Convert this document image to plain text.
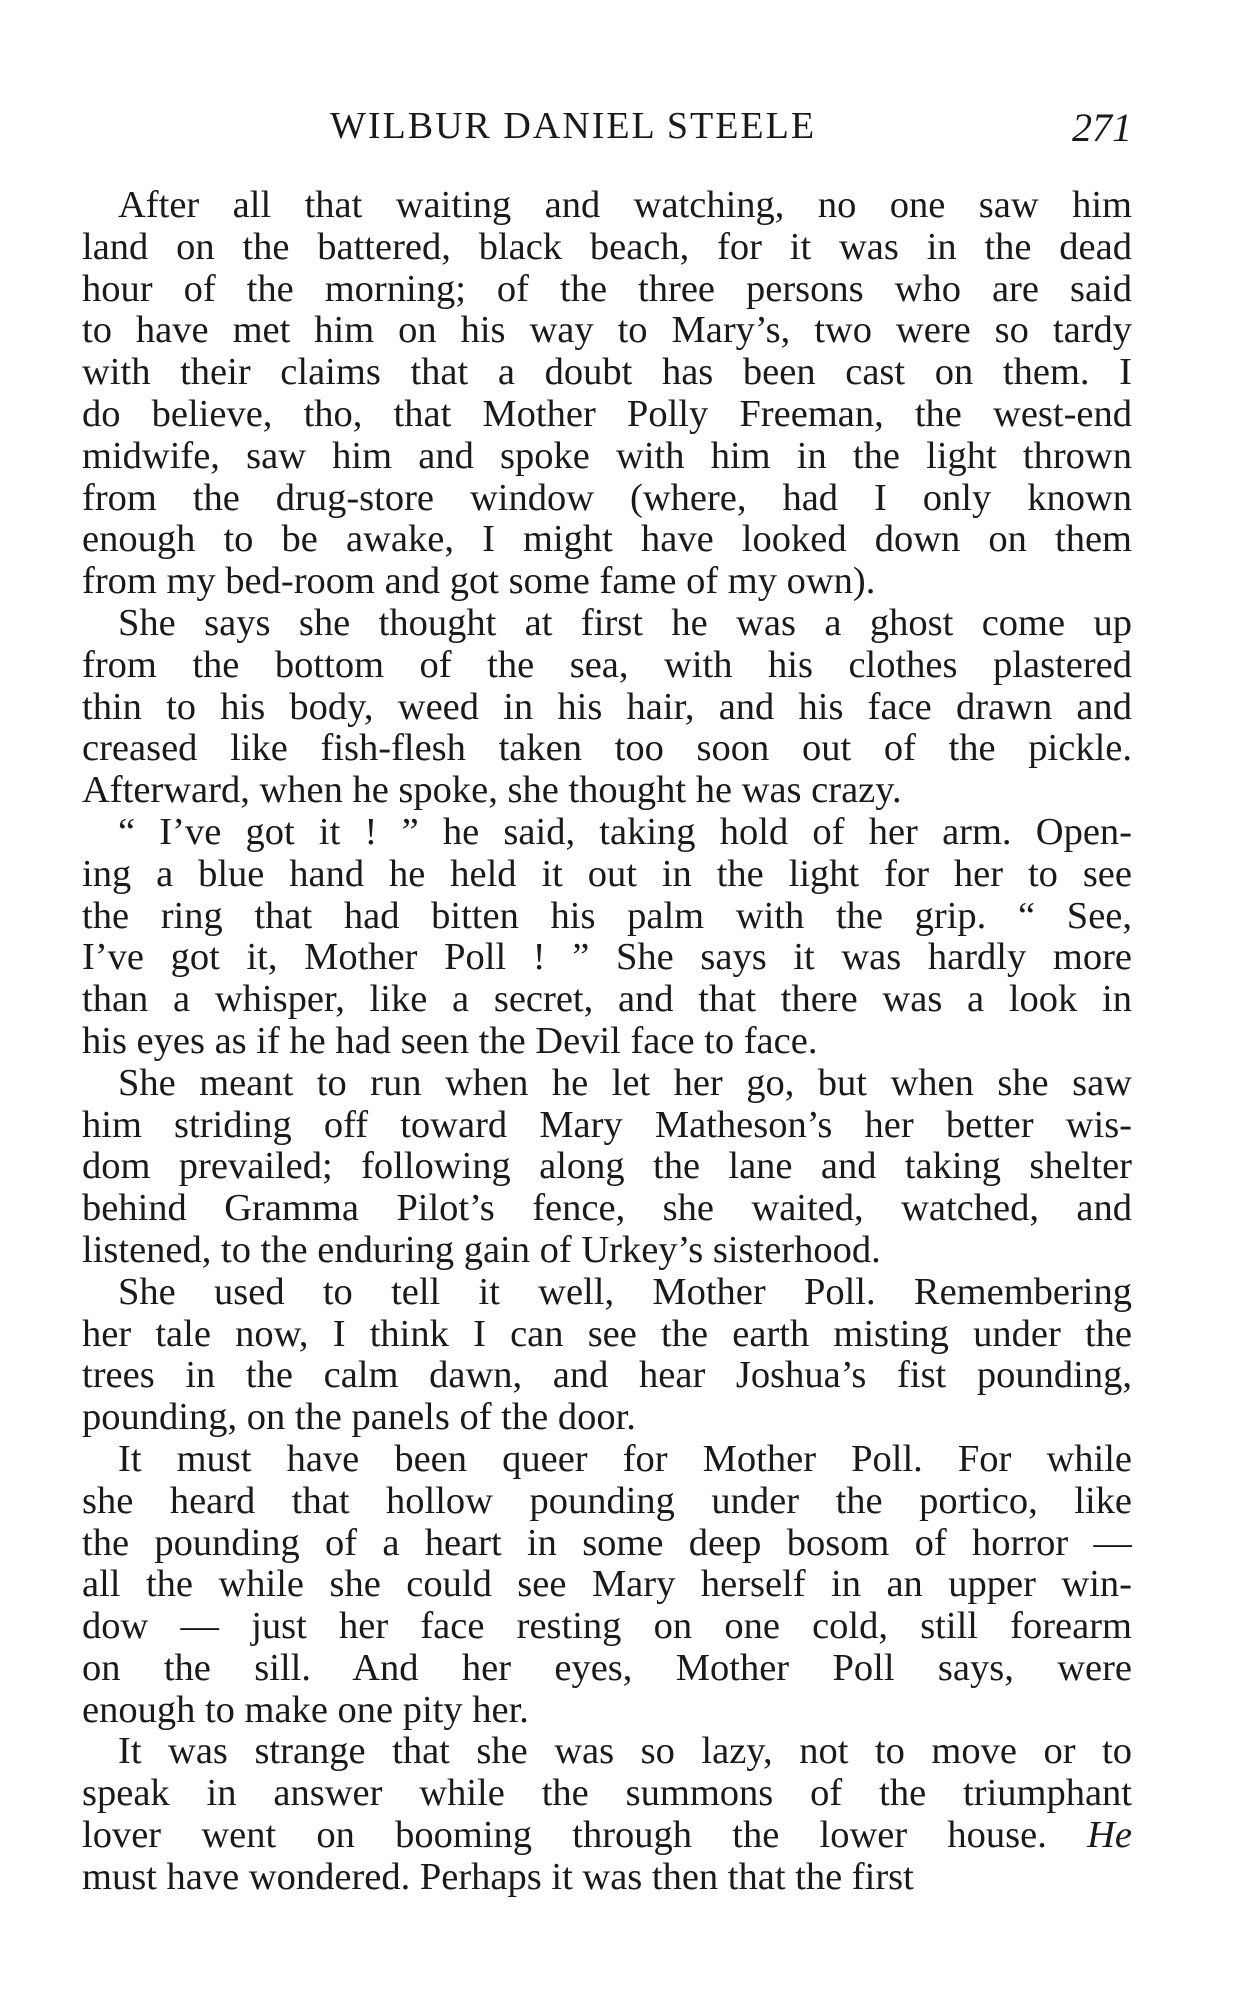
WILBUR DANIEL STEELE	271
After all that waiting and watching, no one saw him
land on the battered, black beach, for it was in the dead
hour of the morning; of the three persons who are said
to have met him on his way to Mary’s, two were so tardy
with their claims that a doubt has been cast on them. I
do believe, tho, that Mother Polly Freeman, the west-end
midwife, saw him and spoke with him in the light thrown
from the drug-store window (where, had I only known
enough to be awake, I might have looked down on them
from my bed-room and got some fame of my own).
She says she thought at first he was a ghost come up
from the bottom of the sea, with his clothes plastered
thin to his body, weed in his hair, and his face drawn and
creased like fish-flesh taken too soon out of the pickle.
Afterward, when he spoke, she thought he was crazy.
“ I’ve got it ! ” he said, taking hold of her arm. Open-
ing a blue hand he held it out in the light for her to see
the ring that had bitten his palm with the grip. “ See,
I’ve got it, Mother Poll ! ” She says it was hardly more
than a whisper, like a secret, and that there was a look in
his eyes as if he had seen the Devil face to face.
She meant to run when he let her go, but when she saw
him striding off toward Mary Matheson’s her better wis-
dom prevailed; following along the lane and taking shelter
behind Gramma Pilot’s fence, she waited, watched, and
listened, to the enduring gain of Urkey’s sisterhood.
She used to tell it well, Mother Poll. Remembering
her tale now, I think I can see the earth misting under the
trees in the calm dawn, and hear Joshua’s fist pounding,
pounding, on the panels of the door.
It must have been queer for Mother Poll. For while
she heard that hollow pounding under the portico, like
the pounding of a heart in some deep bosom of horror —
all the while she could see Mary herself in an upper win-
dow — just her face resting on one cold, still forearm
on the sill. And her eyes, Mother Poll says, were
enough to make one pity her.
It was strange that she was so lazy, not to move or to
speak in answer while the summons of the triumphant
lover went on booming through the lower house. He
must have wondered. Perhaps it was then that the first
